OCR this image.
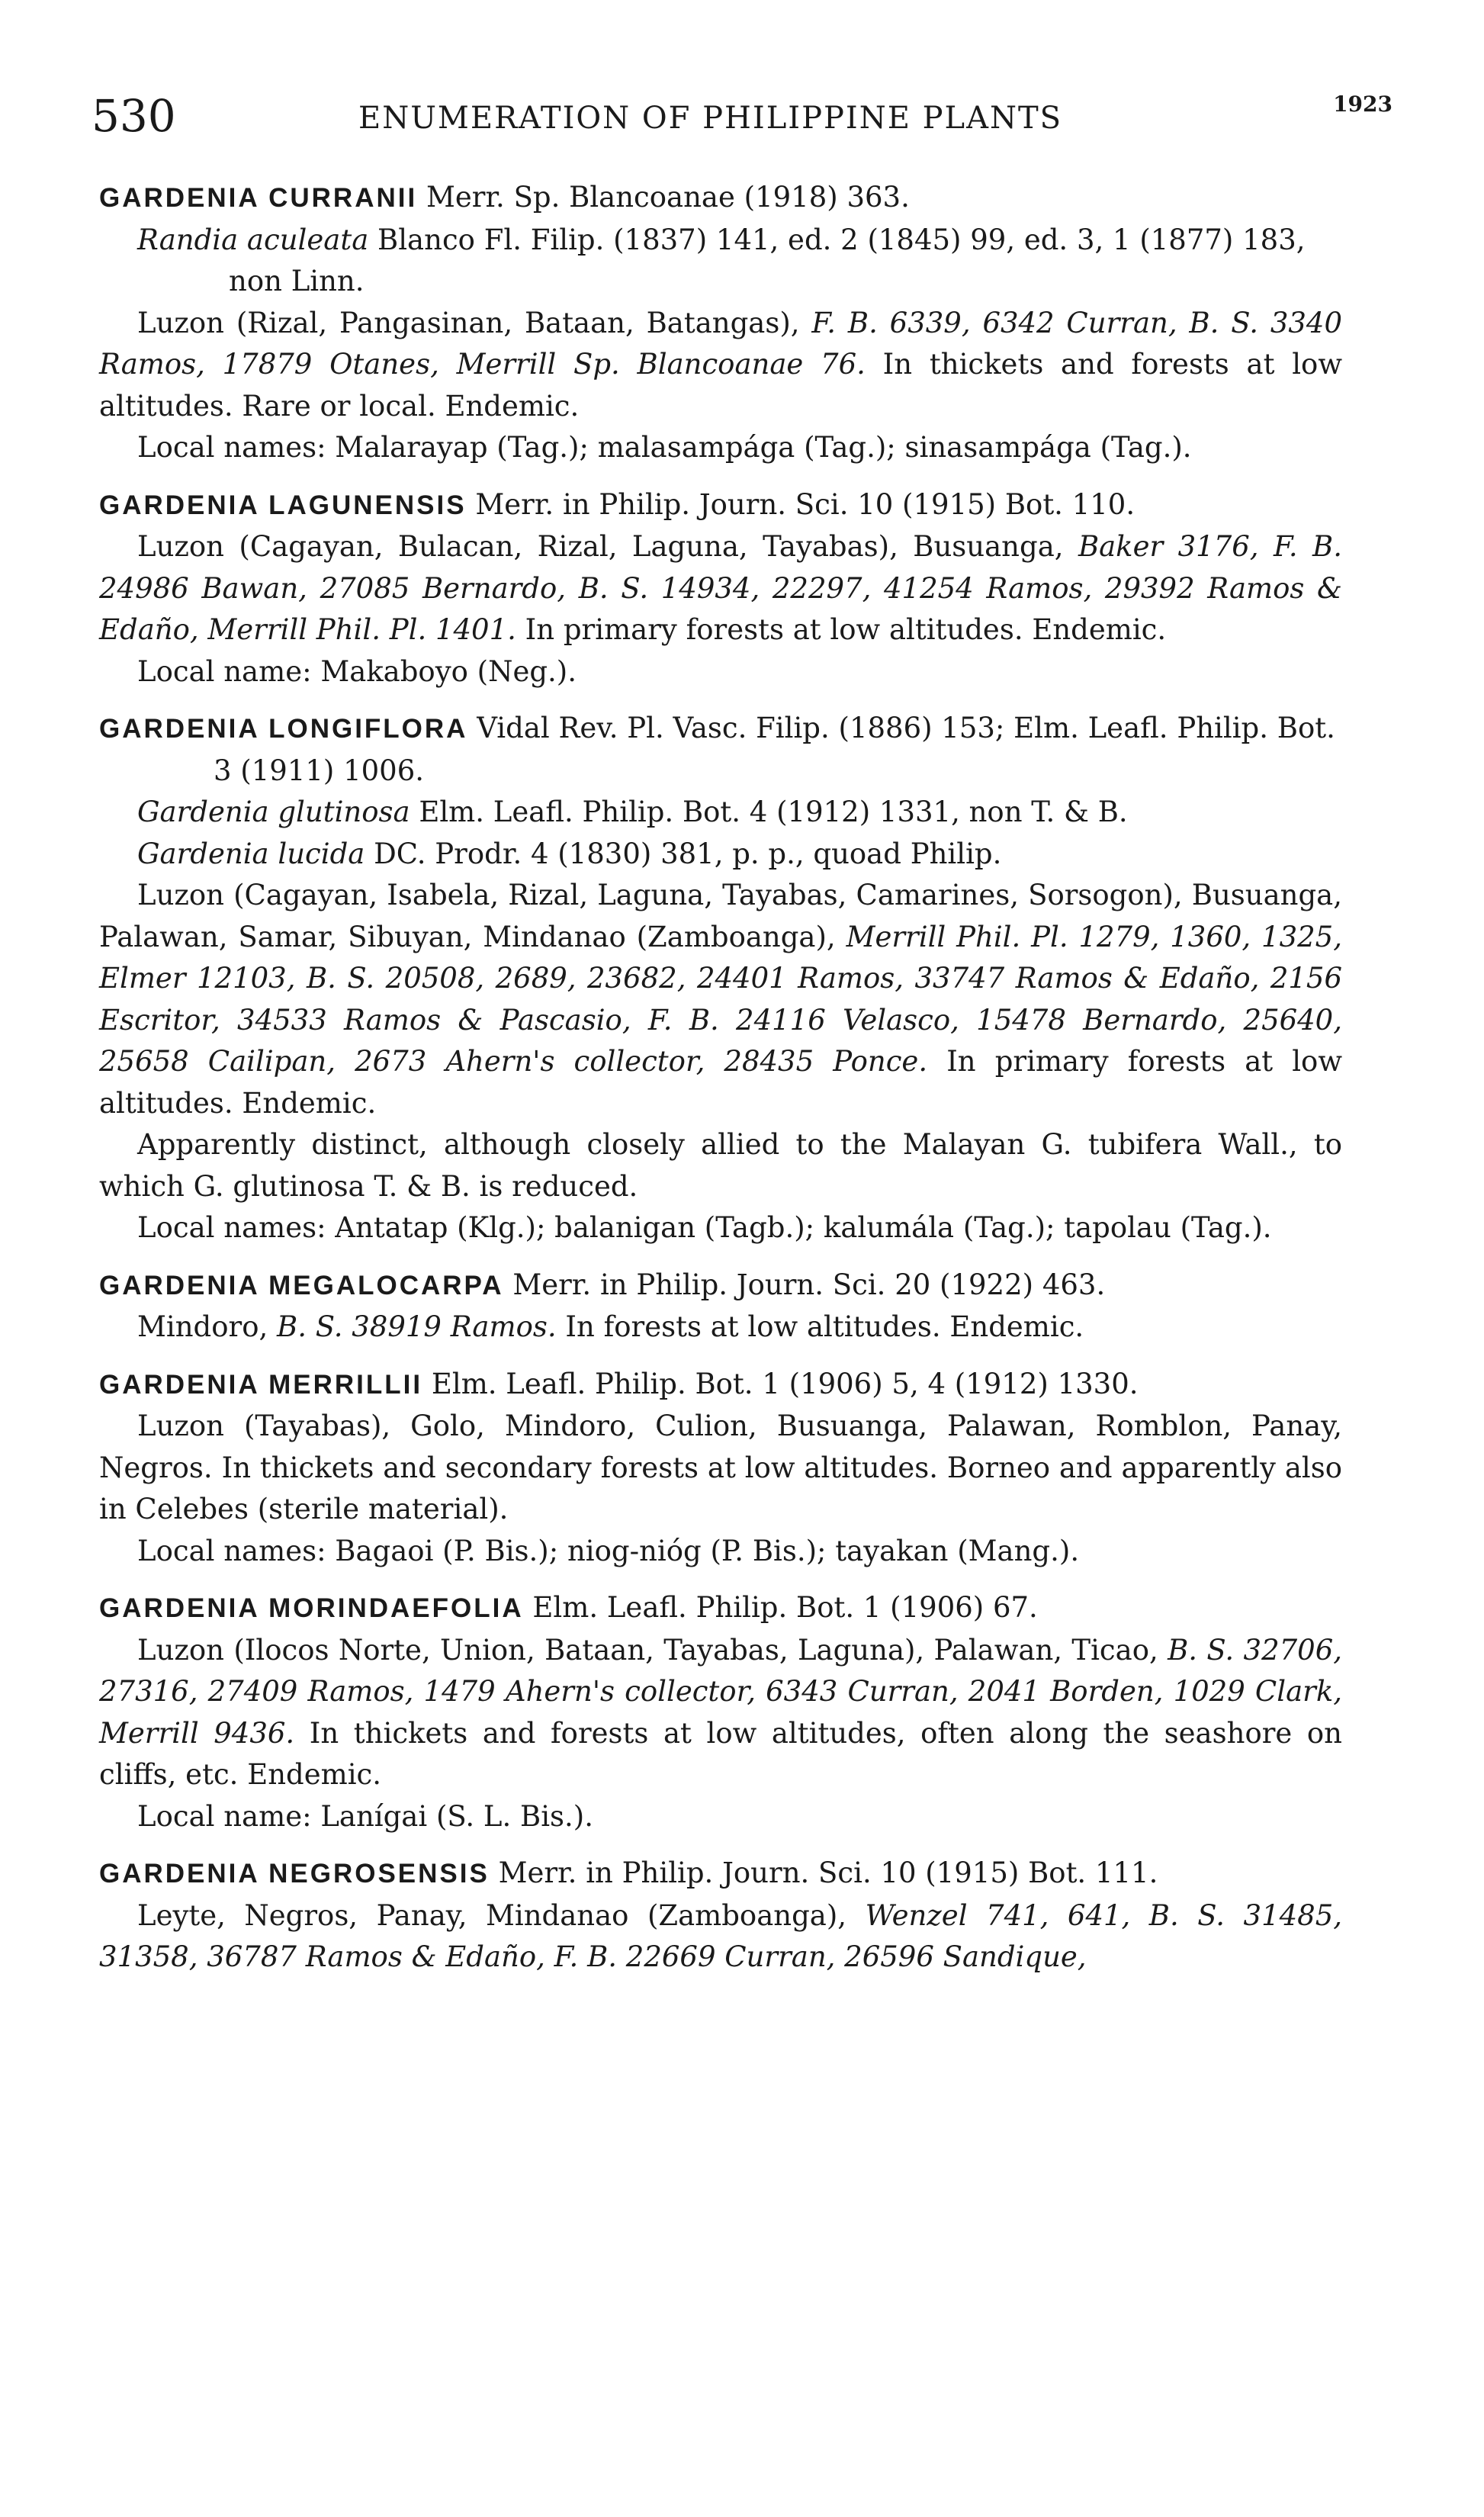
530	ENUMERATION OF PHILIPPINE PLANTS	1923

GARDENIA CURRANII Merr. Sp. Blancoanae (1918) 363.

Randia aculeata Blanco Fl. Filip. (1837) 141, ed. 2 (1845) 99, ed. 3, 1 (1877) 183, non Linn.

Luzon (Rizal, Pangasinan, Bataan, Batangas), F. B. 6339, 6342 Curran, B. S. 3340 Ramos, 17879 Otanes, Merrill Sp. Blancoanae 76. In thickets and forests at low altitudes. Rare or local. Endemic.

Local names: Malarayap (Tag.); malasampága (Tag.); sinasampága (Tag.).

GARDENIA LAGUNENSIS Merr. in Philip. Journ. Sci. 10 (1915) Bot. 110.

Luzon (Cagayan, Bulacan, Rizal, Laguna, Tayabas), Busuanga, Baker 3176, F. B. 24986 Bawan, 27085 Bernardo, B. S. 14934, 22297, 41254 Ramos, 29392 Ramos & Edaño, Merrill Phil. Pl. 1401. In primary forests at low altitudes. Endemic.

Local name: Makaboyo (Neg.).

GARDENIA LONGIFLORA Vidal Rev. Pl. Vasc. Filip. (1886) 153; Elm. Leafl. Philip. Bot. 3 (1911) 1006.

Gardenia glutinosa Elm. Leafl. Philip. Bot. 4 (1912) 1331, non T. & B.

Gardenia lucida DC. Prodr. 4 (1830) 381, p. p., quoad Philip.

Luzon (Cagayan, Isabela, Rizal, Laguna, Tayabas, Camarines, Sorsogon), Busuanga, Palawan, Samar, Sibuyan, Mindanao (Zamboanga), Merrill Phil. Pl. 1279, 1360, 1325, Elmer 12103, B. S. 20508, 2689, 23682, 24401 Ramos, 33747 Ramos & Edaño, 2156 Escritor, 34533 Ramos & Pascasio, F. B. 24116 Velasco, 15478 Bernardo, 25640, 25658 Cailipan, 2673 Ahern's collector, 28435 Ponce. In primary forests at low altitudes. Endemic.

Apparently distinct, although closely allied to the Malayan G. tubifera Wall., to which G. glutinosa T. & B. is reduced.

Local names: Antatap (Klg.); balanigan (Tagb.); kalumála (Tag.); tapolau (Tag.).

GARDENIA MEGALOCARPA Merr. in Philip. Journ. Sci. 20 (1922) 463.

Mindoro, B. S. 38919 Ramos. In forests at low altitudes. Endemic.

GARDENIA MERRILLII Elm. Leafl. Philip. Bot. 1 (1906) 5, 4 (1912) 1330.

Luzon (Tayabas), Golo, Mindoro, Culion, Busuanga, Palawan, Romblon, Panay, Negros. In thickets and secondary forests at low altitudes. Borneo and apparently also in Celebes (sterile material).

Local names: Bagaoi (P. Bis.); niog-nióg (P. Bis.); tayakan (Mang.).

GARDENIA MORINDAEFOLIA Elm. Leafl. Philip. Bot. 1 (1906) 67.

Luzon (Ilocos Norte, Union, Bataan, Tayabas, Laguna), Palawan, Ticao, B. S. 32706, 27316, 27409 Ramos, 1479 Ahern's collector, 6343 Curran, 2041 Borden, 1029 Clark, Merrill 9436. In thickets and forests at low altitudes, often along the seashore on cliffs, etc. Endemic.

Local name: Lanígai (S. L. Bis.).

GARDENIA NEGROSENSIS Merr. in Philip. Journ. Sci. 10 (1915) Bot. 111.

Leyte, Negros, Panay, Mindanao (Zamboanga), Wenzel 741, 641, B. S. 31485, 31358, 36787 Ramos & Edaño, F. B. 22669 Curran, 26596 Sandique,
